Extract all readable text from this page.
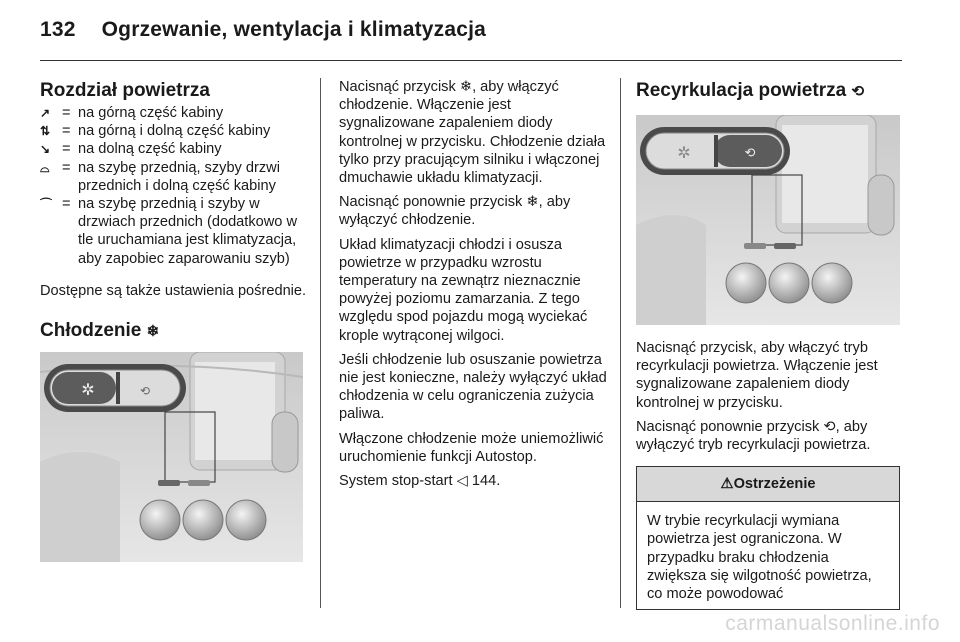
132 Ogrzewanie, wentylacja i klimatyzacja
Rozdział powietrza
↗ = na górną część kabiny
⇅ = na górną i dolną część kabiny
↘ = na dolną część kabiny
⌓ = na szybę przednią, szyby drzwi przednich i dolną część kabiny
⌒ = na szybę przednią i szyby w drzwiach przednich (dodatkowo w tle uruchamiana jest klimatyzacja, aby zapobiec zaparowaniu szyb)

Dostępne są także ustawienia pośrednie.

Chłodzenie ❄
✲	⟲

Nacisnąć przycisk ❄, aby włączyć chłodzenie. Włączenie jest sygnalizowane zapaleniem diody kontrolnej w przycisku. Chłodzenie działa tylko przy pracującym silniku i włączonej dmuchawie układu klimatyzacji.

Nacisnąć ponownie przycisk ❄, aby wyłączyć chłodzenie.

Układ klimatyzacji chłodzi i osusza powietrze w przypadku wzrostu temperatury na zewnątrz nieznacznie powyżej poziomu zamarzania. Z tego względu spod pojazdu mogą wyciekać krople wytrąconej wilgoci.

Jeśli chłodzenie lub osuszanie powietrza nie jest konieczne, należy wyłączyć układ chłodzenia w celu ograniczenia zużycia paliwa.

Włączone chłodzenie może uniemożliwić uruchomienie funkcji Autostop.

System stop-start ◁ 144.

Recyrkulacja powietrza ⟲
✲	⟲

Nacisnąć przycisk, aby włączyć tryb recyrkulacji powietrza. Włączenie jest sygnalizowane zapaleniem diody kontrolnej w przycisku.

Nacisnąć ponownie przycisk ⟲, aby wyłączyć tryb recyrkulacji powietrza.

⚠Ostrzeżenie

W trybie recyrkulacji wymiana powietrza jest ograniczona. W przypadku braku chłodzenia zwiększa się wilgotność powietrza, co może powodować

carmanualsonline.info
